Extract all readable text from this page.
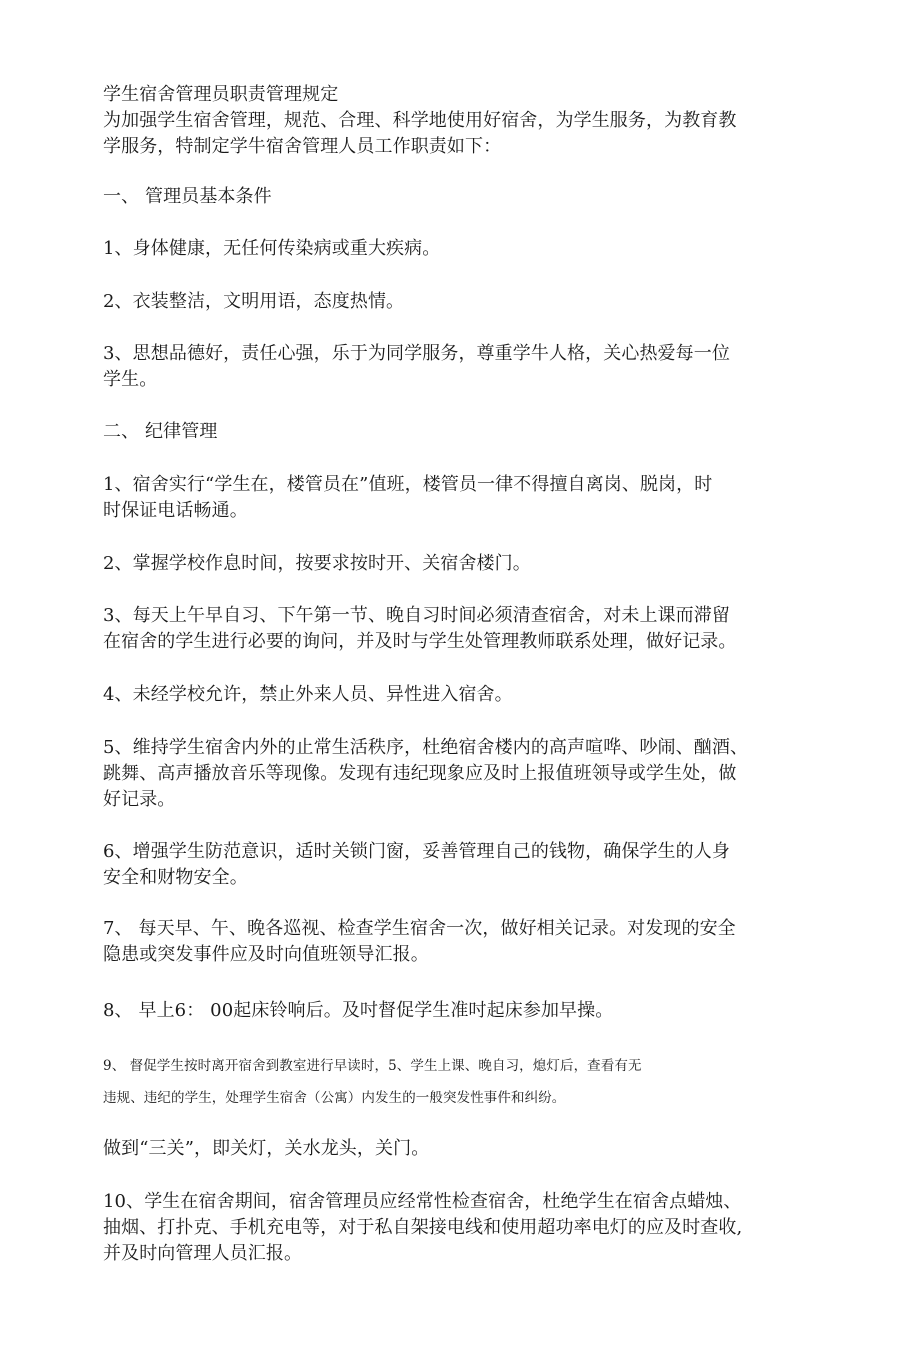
学生宿舍管理员职责管理规定
为加强学生宿舍管理，规范、合理、科学地使用好宿舍，为学生服务，为教育教
学服务，特制定学牛宿舍管理人员工作职责如下：
一、 管理员基本条件
1、身体健康，无任何传染病或重大疾病。
2、衣装整洁，文明用语，态度热情。
3、思想品德好，责任心强，乐于为同学服务，尊重学牛人格，关心热爱每一位
学生。
二、 纪律管理
1、宿舍实行“学生在，楼管员在”值班，楼管员一律不得擅自离岗、脱岗，时
时保证电话畅通。
2、掌握学校作息时间，按要求按时开、关宿舍楼门。
3、每天上午早自习、下午第一节、晚自习时间必须清查宿舍，对未上课而滞留
在宿舍的学生进行必要的询问，并及时与学生处管理教师联系处理，做好记录。
4、未经学校允许，禁止外来人员、异性进入宿舍。
5、维持学生宿舍内外的止常生活秩序，杜绝宿舍楼内的高声喧哗、吵闹、酗酒、
跳舞、高声播放音乐等现像。发现有违纪现象应及时上报值班领导或学生处，做
好记录。
6、增强学生防范意识，适时关锁门窗，妥善管理自己的钱物，确保学生的人身
安全和财物安全。
7、 每天早、午、晚各巡视、检查学生宿舍一次，做好相关记录。对发现的安全
隐患或突发事件应及时向值班领导汇报。
8、 早上6： 00起床铃响后。及吋督促学生准吋起床参加早操。
9、 督促学生按时离开宿舍到教室进行早读时，5、学生上课、晚自习，熄灯后，查看有无
违规、违纪的学生，处理学生宿舍（公寓）内发生的一般突发性事件和纠纷。
做到“三关”，即关灯，关水龙头，关门。
10、学生在宿舍期间，宿舍管理员应经常性检查宿舍，杜绝学生在宿舍点蜡烛、
抽烟、打扑克、手机充电等，对于私自架接电线和使用超功率电灯的应及时查收,
并及时向管理人员汇报。
